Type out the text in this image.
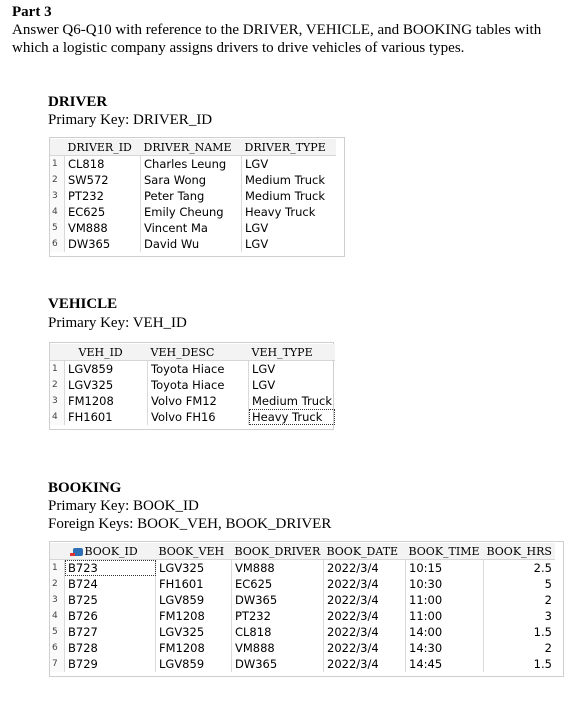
Part 3
Answer Q6-Q10 with reference to the DRIVER, VEHICLE, and BOOKING tables with which a logistic company assigns drivers to drive vehicles of various types.
DRIVER
Primary Key: DRIVER_ID
	DRIVER_ID	DRIVER_NAME	DRIVER_TYPE
1	CL818	Charles Leung	LGV
2	SW572	Sara Wong	Medium Truck
3	PT232	Peter Tang	Medium Truck
4	EC625	Emily Cheung	Heavy Truck
5	VM888	Vincent Ma	LGV
6	DW365	David Wu	LGV
VEHICLE
Primary Key: VEH_ID
	VEH_ID	VEH_DESC	VEH_TYPE
1	LGV859	Toyota Hiace	LGV
2	LGV325	Toyota Hiace	LGV
3	FM1208	Volvo FM12	Medium Truck
4	FH1601	Volvo FH16	Heavy Truck
BOOKING
Primary Key: BOOK_ID
Foreign Keys: BOOK_VEH, BOOK_DRIVER
	BOOK_ID	BOOK_VEH	BOOK_DRIVER	BOOK_DATE	BOOK_TIME	BOOK_HRS
1	B723	LGV325	VM888	2022/3/4	10:15	2.5
2	B724	FH1601	EC625	2022/3/4	10:30	5
3	B725	LGV859	DW365	2022/3/4	11:00	2
4	B726	FM1208	PT232	2022/3/4	11:00	3
5	B727	LGV325	CL818	2022/3/4	14:00	1.5
6	B728	FM1208	VM888	2022/3/4	14:30	2
7	B729	LGV859	DW365	2022/3/4	14:45	1.5
